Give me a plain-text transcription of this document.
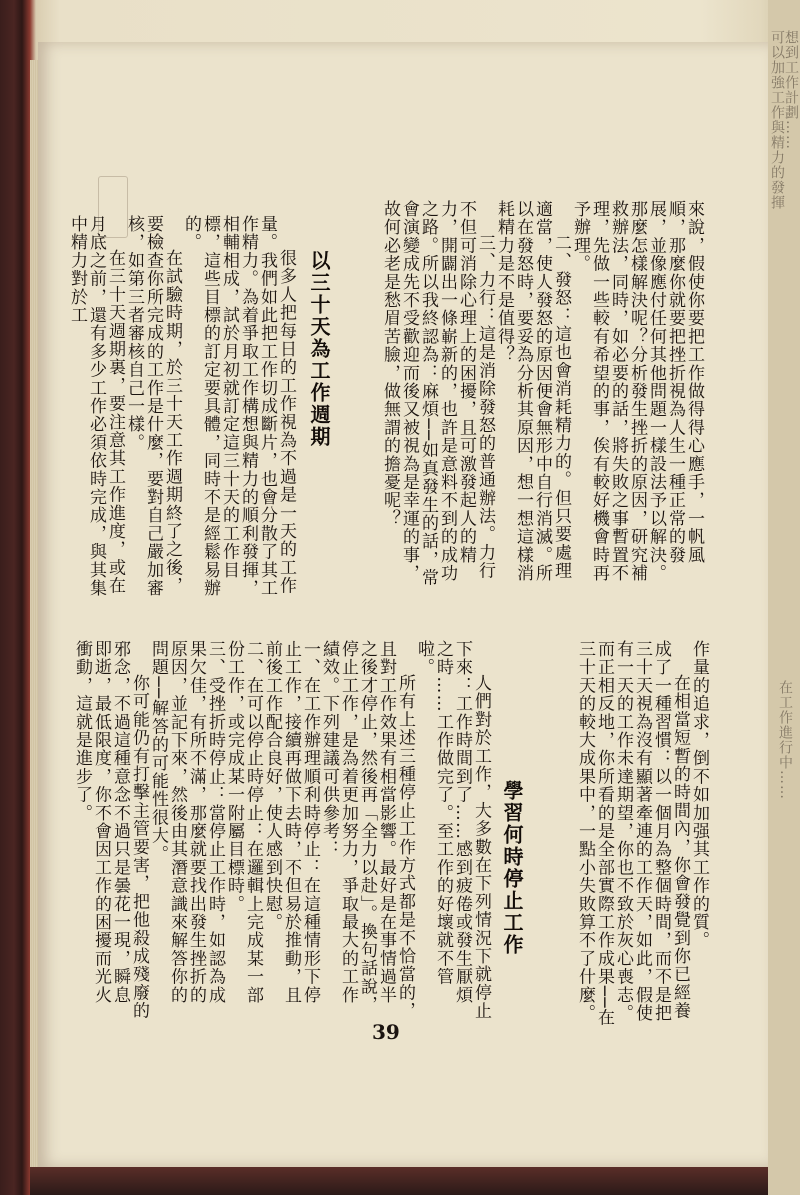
想到工作計劃……
可以加強工作與精力的發揮
在工作進行中……

來說，假使你要把工作做得得心應手，一帆風順，那麼你就要把挫折視為人生一種正常的發展，並像應付任何其他問題一樣設法予以解決。那麼怎樣解決呢？分析發生挫折的原因，研究補救辦法，同時，如必要的話，將失敗之事暫置不理，先做一些較有希望的事，俟有較好機會時再予辦理。

二、發怒：這也會消耗精力的。但只要處理適當，使人發怒的原因便會無形中自行消滅。所以在發怒時，要妥為分析其原因，想一想這樣消耗精力是不是值得？

三、力行：這是消除發怒的普通辦法。力行不但可消除心理上的困擾，且可激發起人的精力，開闢出一條嶄新的，也許是意料不到的成功之路。所以我終認為：麻煩──如真發生的話，常會演變成先不受歡迎而後又被視為是幸運的事，故何必老是愁眉苦臉，做無謂的擔憂呢？

以三十天為工作週期

很多人把每日的工作視為不過是一天的工作量。我們如此把工作切成斷片，也會分散了其工作精力。為着爭取工作構想與精力的順利發揮，相輔相成，試於月初就訂定這三十天的工作目標，這些目標的訂定要具體，同時不是經鬆易辦的。

在試驗時期，於三十天工作週期終了之後，要檢查你所完成的工作是什麼，要對自己嚴加審核，如第三者審核自己一樣。

在三十天週期裏，要注意其工作進度，或在月底之前，還有多少工作必須依時完成，與其集中精力對於工

作量的追求，倒不如加强其工作的質。

在相當短暫的時間內，你會發覺到你已經養成了一種習慣：以一個月為整個時間，而不是把三十天視為沒有顯著牽連的工作天，如此，假使有一天的工作未達期望，你也不致於灰心喪志。而正相反地，你所看的是全部實際工作成果──在三十天的較大成果中，一點小失敗算不了什麼。

學習何時停止工作

人們對於工作，大多數在下列情況下就停止下來：工作時間到了……感到疲倦或發生厭煩之時……工作做完了。至工作的好壞就不管啦。

所有上述三種停止工作方式都是不恰當的，且對工作效果有相當影響。最好是在事情過半之後才停止，然後再「全力以赴」。換句話說，停止工作，是為着更加努力，爭取最大的工作績效。下列建議可供參考：

一、在工作辦理順利時停止：在這種情形下停止工作，接續再做下去時，不但易於推動，且前後工作配合良好，使人感到快慰。

二、在可以停止時停止：在邏輯上完成某一部份工作，或完成某一附屬目標時。

三、受挫折時停止：當停止工作時，如認為成果欠佳，有所不滿，那麼就要找出發生挫折的原因，並記下來，然後由其潛意識來解答你的問題──解答的可能性很大。

你可能仍有打擊主管要害，把他殺成殘廢的邪念，不過這種意念不過只是曇花一現，瞬息即逝，最低限度，你不會因工作的困擾而光火衝動，這就是進步了。

39
